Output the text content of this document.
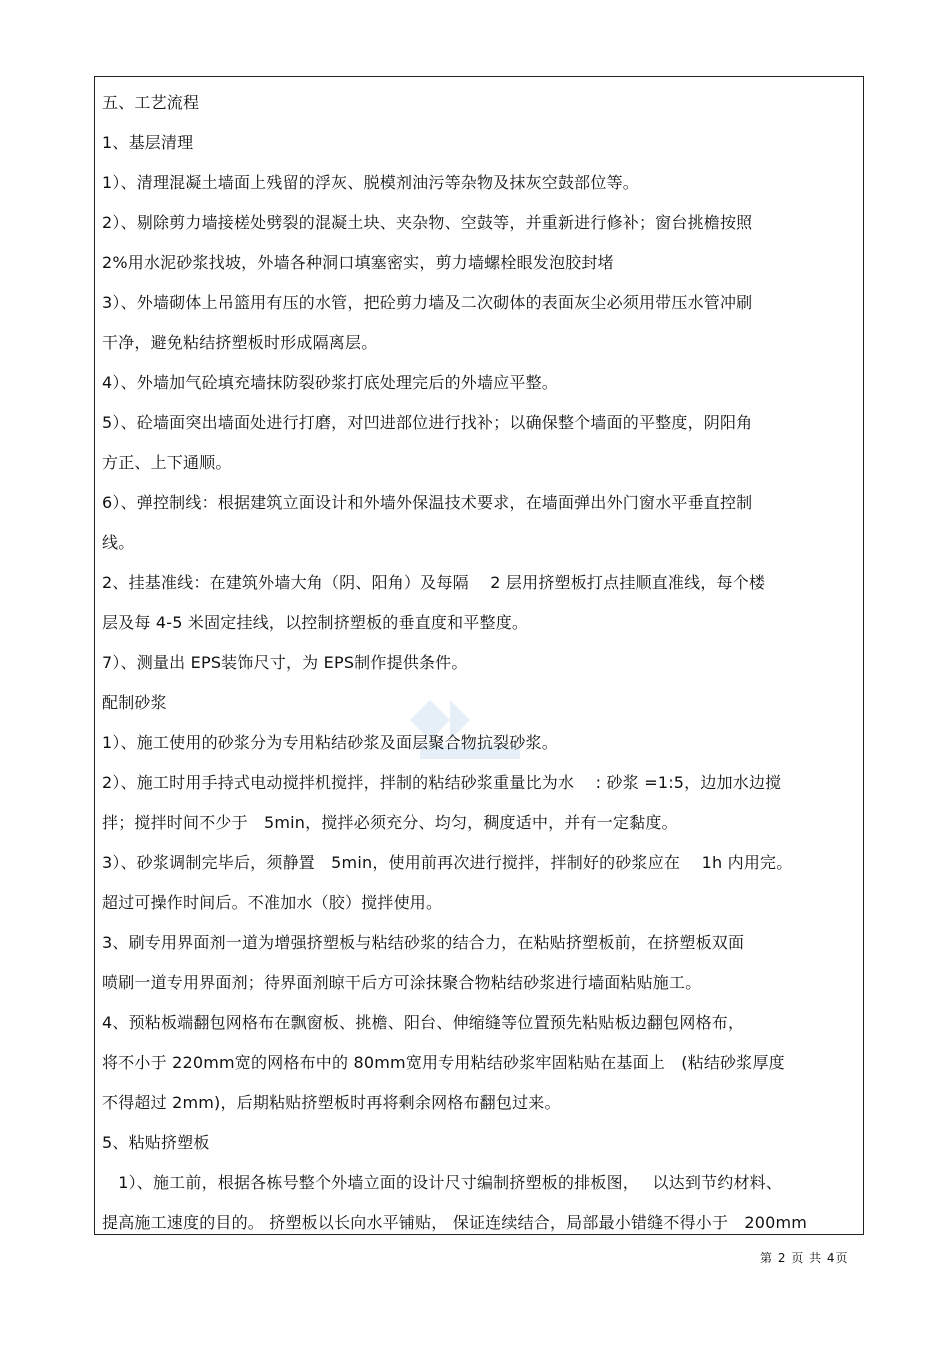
五、工艺流程
1、基层清理
1）、清理混凝土墙面上残留的浮灰、脱模剂油污等杂物及抹灰空鼓部位等。
2）、剔除剪力墙接槎处劈裂的混凝土块、夹杂物、空鼓等，并重新进行修补；窗台挑檐按照
2%用水泥砂浆找坡，外墙各种洞口填塞密实，剪力墙螺栓眼发泡胶封堵
3）、外墙砌体上吊篮用有压的水管，把砼剪力墙及二次砌体的表面灰尘必须用带压水管冲刷
干净，避免粘结挤塑板时形成隔离层。
4）、外墙加气砼填充墙抹防裂砂浆打底处理完后的外墙应平整。
5）、砼墙面突出墙面处进行打磨，对凹进部位进行找补；以确保整个墙面的平整度，阴阳角
方正、上下通顺。
6）、弹控制线：根据建筑立面设计和外墙外保温技术要求，在墙面弹出外门窗水平垂直控制
线。
2、挂基准线：在建筑外墙大角（阴、阳角）及每隔　 2 层用挤塑板打点挂顺直准线，每个楼
层及每 4-5 米固定挂线，以控制挤塑板的垂直度和平整度。
7）、测量出 EPS装饰尺寸，为 EPS制作提供条件。
配制砂浆
1）、施工使用的砂浆分为专用粘结砂浆及面层聚合物抗裂砂浆。
2）、施工时用手持式电动搅拌机搅拌，拌制的粘结砂浆重量比为水　 : 砂浆 =1:5，边加水边搅
拌；搅拌时间不少于　5min，搅拌必须充分、均匀，稠度适中，并有一定黏度。
3）、砂浆调制完毕后，须静置　5min，使用前再次进行搅拌，拌制好的砂浆应在　 1h 内用完。
超过可操作时间后。不准加水（胶）搅拌使用。
3、刷专用界面剂一道为增强挤塑板与粘结砂浆的结合力，在粘贴挤塑板前，在挤塑板双面
喷刷一道专用界面剂；待界面剂晾干后方可涂抹聚合物粘结砂浆进行墙面粘贴施工。
4、预粘板端翻包网格布在飘窗板、挑檐、阳台、伸缩缝等位置预先粘贴板边翻包网格布，
将不小于 220mm宽的网格布中的 80mm宽用专用粘结砂浆牢固粘贴在基面上　(粘结砂浆厚度
不得超过 2mm)，后期粘贴挤塑板时再将剩余网格布翻包过来。
5、粘贴挤塑板
　1）、施工前，根据各栋号整个外墙立面的设计尺寸编制挤塑板的排板图，　 以达到节约材料、
提高施工速度的目的。 挤塑板以长向水平铺贴， 保证连续结合，局部最小错缝不得小于　200mm
第 2 页 共 4页
